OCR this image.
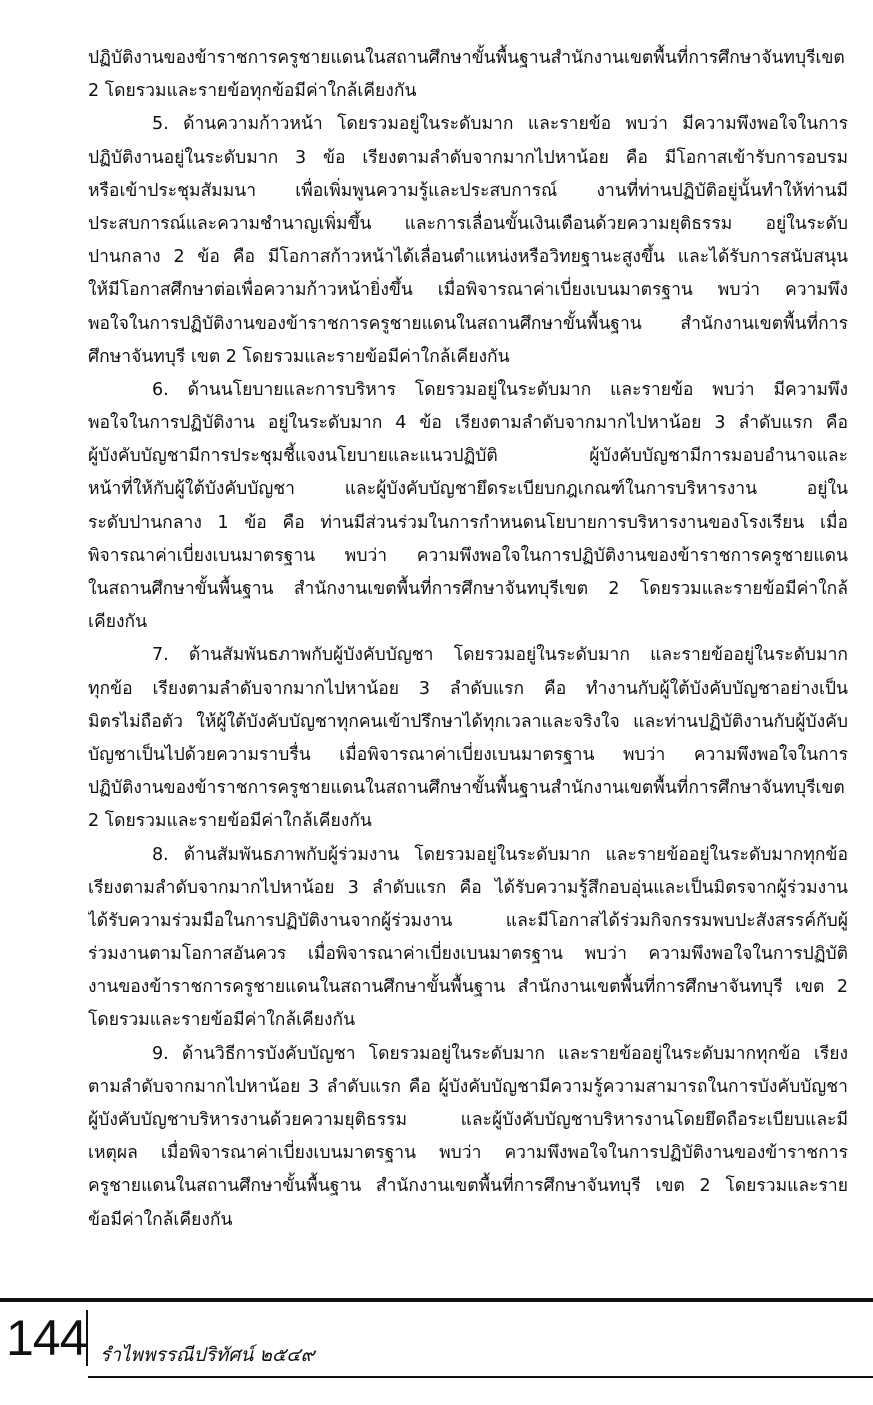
ปฏิบัติงานของข้าราชการครูชายแดนในสถานศึกษาขั้นพื้นฐานสำนักงานเขตพื้นที่การศึกษาจันทบุรีเขต
2 โดยรวมและรายข้อทุกข้อมีค่าใกล้เคียงกัน
5. ด้านความก้าวหน้า โดยรวมอยู่ในระดับมาก และรายข้อ พบว่า มีความพึงพอใจในการ
ปฏิบัติงานอยู่ในระดับมาก 3 ข้อ เรียงตามลำดับจากมากไปหาน้อย คือ มีโอกาสเข้ารับการอบรม
หรือเข้าประชุมสัมมนา เพื่อเพิ่มพูนความรู้และประสบการณ์ งานที่ท่านปฏิบัติอยู่นั้นทำให้ท่านมี
ประสบการณ์และความชำนาญเพิ่มขึ้น และการเลื่อนขั้นเงินเดือนด้วยความยุติธรรม อยู่ในระดับ
ปานกลาง 2 ข้อ คือ มีโอกาสก้าวหน้าได้เลื่อนตำแหน่งหรือวิทยฐานะสูงขึ้น และได้รับการสนับสนุน
ให้มีโอกาสศึกษาต่อเพื่อความก้าวหน้ายิ่งขึ้น เมื่อพิจารณาค่าเบี่ยงเบนมาตรฐาน พบว่า ความพึง
พอใจในการปฏิบัติงานของข้าราชการครูชายแดนในสถานศึกษาขั้นพื้นฐาน สำนักงานเขตพื้นที่การ
ศึกษาจันทบุรี เขต 2 โดยรวมและรายข้อมีค่าใกล้เคียงกัน
6. ด้านนโยบายและการบริหาร โดยรวมอยู่ในระดับมาก และรายข้อ พบว่า มีความพึง
พอใจในการปฏิบัติงาน อยู่ในระดับมาก 4 ข้อ เรียงตามลำดับจากมากไปหาน้อย 3 ลำดับแรก คือ
ผู้บังคับบัญชามีการประชุมชี้แจงนโยบายและแนวปฏิบัติ ผู้บังคับบัญชามีการมอบอำนาจและ
หน้าที่ให้กับผู้ใต้บังคับบัญชา และผู้บังคับบัญชายึดระเบียบกฎเกณฑ์ในการบริหารงาน อยู่ใน
ระดับปานกลาง 1 ข้อ คือ ท่านมีส่วนร่วมในการกำหนดนโยบายการบริหารงานของโรงเรียน เมื่อ
พิจารณาค่าเบี่ยงเบนมาตรฐาน พบว่า ความพึงพอใจในการปฏิบัติงานของข้าราชการครูชายแดน
ในสถานศึกษาขั้นพื้นฐาน สำนักงานเขตพื้นที่การศึกษาจันทบุรีเขต 2 โดยรวมและรายข้อมีค่าใกล้
เคียงกัน
7. ด้านสัมพันธภาพกับผู้บังคับบัญชา โดยรวมอยู่ในระดับมาก และรายข้ออยู่ในระดับมาก
ทุกข้อ เรียงตามลำดับจากมากไปหาน้อย 3 ลำดับแรก คือ ทำงานกับผู้ใต้บังคับบัญชาอย่างเป็น
มิตรไม่ถือตัว ให้ผู้ใต้บังคับบัญชาทุกคนเข้าปรึกษาได้ทุกเวลาและจริงใจ และท่านปฏิบัติงานกับผู้บังคับ
บัญชาเป็นไปด้วยความราบรื่น เมื่อพิจารณาค่าเบี่ยงเบนมาตรฐาน พบว่า ความพึงพอใจในการ
ปฏิบัติงานของข้าราชการครูชายแดนในสถานศึกษาขั้นพื้นฐานสำนักงานเขตพื้นที่การศึกษาจันทบุรีเขต
2 โดยรวมและรายข้อมีค่าใกล้เคียงกัน
8. ด้านสัมพันธภาพกับผู้ร่วมงาน โดยรวมอยู่ในระดับมาก และรายข้ออยู่ในระดับมากทุกข้อ
เรียงตามลำดับจากมากไปหาน้อย 3 ลำดับแรก คือ ได้รับความรู้สึกอบอุ่นและเป็นมิตรจากผู้ร่วมงาน
ได้รับความร่วมมือในการปฏิบัติงานจากผู้ร่วมงาน และมีโอกาสได้ร่วมกิจกรรมพบปะสังสรรค์กับผู้
ร่วมงานตามโอกาสอันควร เมื่อพิจารณาค่าเบี่ยงเบนมาตรฐาน พบว่า ความพึงพอใจในการปฏิบัติ
งานของข้าราชการครูชายแดนในสถานศึกษาขั้นพื้นฐาน สำนักงานเขตพื้นที่การศึกษาจันทบุรี เขต 2
โดยรวมและรายข้อมีค่าใกล้เคียงกัน
9. ด้านวิธีการบังคับบัญชา โดยรวมอยู่ในระดับมาก และรายข้ออยู่ในระดับมากทุกข้อ เรียง
ตามลำดับจากมากไปหาน้อย 3 ลำดับแรก คือ ผู้บังคับบัญชามีความรู้ความสามารถในการบังคับบัญชา
ผู้บังคับบัญชาบริหารงานด้วยความยุติธรรม และผู้บังคับบัญชาบริหารงานโดยยึดถือระเบียบและมี
เหตุผล เมื่อพิจารณาค่าเบี่ยงเบนมาตรฐาน พบว่า ความพึงพอใจในการปฏิบัติงานของข้าราชการ
ครูชายแดนในสถานศึกษาขั้นพื้นฐาน สำนักงานเขตพื้นที่การศึกษาจันทบุรี เขต 2 โดยรวมและราย
ข้อมีค่าใกล้เคียงกัน
144 รำไพพรรณีปริทัศน์ ๒๕๔๙
